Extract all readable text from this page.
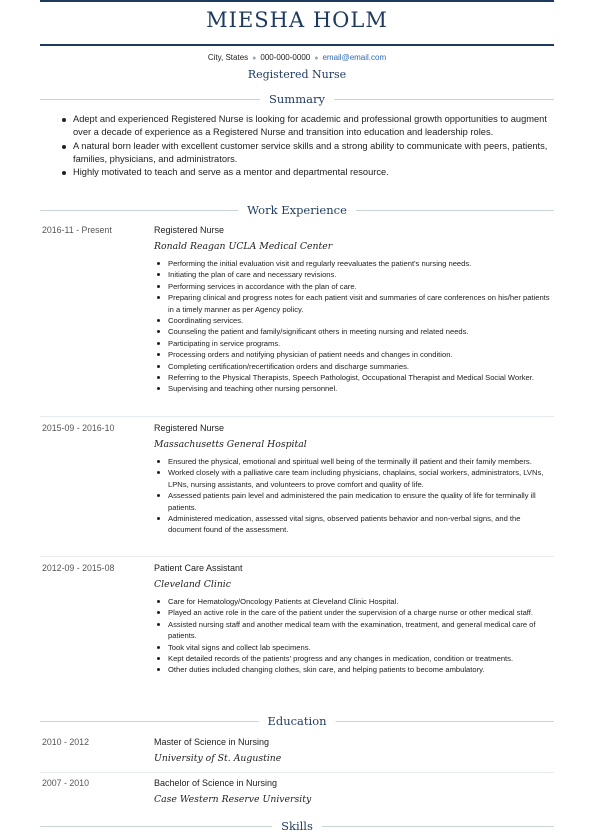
MIESHA HOLM
City, States ● 000-000-0000 ● email@email.com
Registered Nurse
Summary
Adept and experienced Registered Nurse is looking for academic and professional growth opportunities to augment over a decade of experience as a Registered Nurse and transition into education and leadership roles.
A natural born leader with excellent customer service skills and a strong ability to communicate with peers, patients, families, physicians, and administrators.
Highly motivated to teach and serve as a mentor and departmental resource.
Work Experience
2016-11 - Present	Registered Nurse
Ronald Reagan UCLA Medical Center
Performing the initial evaluation visit and regularly reevaluates the patient's nursing needs.
Initiating the plan of care and necessary revisions.
Performing services in accordance with the plan of care.
Preparing clinical and progress notes for each patient visit and summaries of care conferences on his/her patients in a timely manner as per Agency policy.
Coordinating services.
Counseling the patient and family/significant others in meeting nursing and related needs.
Participating in service programs.
Processing orders and notifying physician of patient needs and changes in condition.
Completing certification/recertification orders and discharge summaries.
Referring to the Physical Therapists, Speech Pathologist, Occupational Therapist and Medical Social Worker.
Supervising and teaching other nursing personnel.
2015-09 - 2016-10	Registered Nurse
Massachusetts General Hospital
Ensured the physical, emotional and spiritual well being of the terminally ill patient and their family members.
Worked closely with a palliative care team including physicians, chaplains, social workers, administrators, LVNs, LPNs, nursing assistants, and volunteers to prove comfort and quality of life.
Assessed patients pain level and administered the pain medication to ensure the quality of life for terminally ill patients.
Administered medication, assessed vital signs, observed patients behavior and non-verbal signs, and the document found of the assessment.
2012-09 - 2015-08	Patient Care Assistant
Cleveland Clinic
Care for Hematology/Oncology Patients at Cleveland Clinic Hospital.
Played an active role in the care of the patient under the supervision of a charge nurse or other medical staff.
Assisted nursing staff and another medical team with the examination, treatment, and general medical care of patients.
Took vital signs and collect lab specimens.
Kept detailed records of the patients' progress and any changes in medication, condition or treatments.
Other duties included changing clothes, skin care, and helping patients to become ambulatory.
Education
2010 - 2012	Master of Science in Nursing
University of St. Augustine
2007 - 2010	Bachelor of Science in Nursing
Case Western Reserve University
Skills
